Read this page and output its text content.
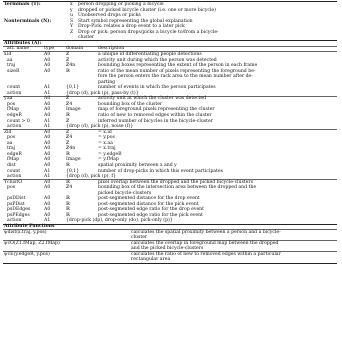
Terminals (T):	x person dropping or picking a bicycle
y dropped or picked bicycle cluster (i.e. one or more bicycle)
u Unobserved drops or picks
Nonterminals (N):	S Start symbol representing the global explanation
Y Drop-Pick: relates a drop event to a later pick
Z Drop or pick: person drops/picks a bicycle to/from a bicycle-
cluster
Attributes (A):
att. name	type	domain	description
x id	A0	ℤ	a unique id differentiating people detections
aa	A0	ℤ	activity unit during which the person was detected
traj	A0	ℤ4n	bounding boxes representing the extent of the person in each frame
sizeR	A0	ℝ	ratio of the mean number of pixels representing the foreground be-
fore the person enters the rack area to the mean number after de-
parting
count	A1	{0,1}	number of events in which the person participates
action	A1	{drop (d), pick (p), pass-by (t)}
y aa	A0	ℤ	activity unit at which the cluster was detected
pos	A0	ℤ4	bounding box of the cluster
fMap	A0	Image	map of foreground pixels representing the cluster
edgeR	A0	ℝ	ratio of new to removed edges within the cluster
count > 0	A1	ℤ	inferred number of bicycles in the bicycle-cluster
action	A1	{drop (d), pick (p), noise (f)}
Z id	A0	ℤ	= x.id
pos	A0	ℤ4	= y.pos
aa	A0	ℤ	= x.aa
traj	A0	ℤ4n	= x.traj
edgeR	A0	ℝ	= y.edgeR
fMap	A0	Image	= y.fMap
dist	A0	ℝ	spatial proximity between x and y
count	A1	{0,1}	number of drop-picks in which this event participates
action	A1	{drop (d), pick (p), f}
Y clustO	A0	ℝ	pixel overlap between the dropped and the picked bicycle-clusters
pos	A0	ℤ4	bounding box of the intersection area between the dropped and the
picked bicycle-clusters
psDDist	A0	ℝ	post-segmented distance for the drop event
psPDist	A0	ℝ	post-segmented distance for the pick event
psDEdges	A0	ℝ	post-segmented edge ratio for the drop event
psPEdges	A0	ℝ	post-segmented edge ratio for the pick event
action	A1	{drop-pick (dp), drop-only (do), pick-only (p)}
Attribute Functions
ψdist(x.traj, y.pos)	calculates the spatial proximity between a person and a bicycle-
cluster
ψcO(Z1.fMap, Z2.fMap)	calculates the overlap in foreground map between the dropped
and the picked bicycle-clusters
ψcE(y.edgeR, y.pos)	calculates the ratio of new to removed edges within a particular
rectangular area
